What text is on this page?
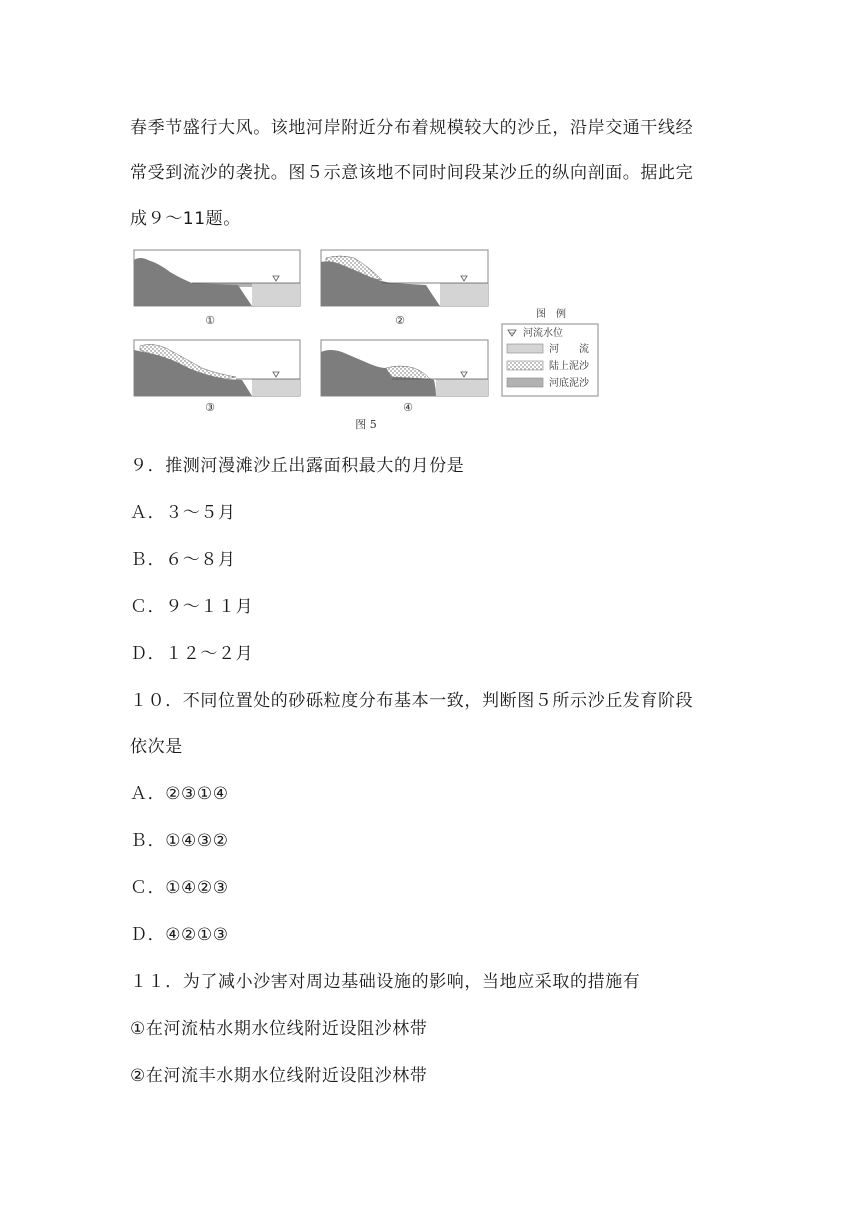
春季节盛行大风。该地河岸附近分布着规模较大的沙丘，沿岸交通干线经
常受到流沙的袭扰。图５示意该地不同时间段某沙丘的纵向剖面。据此完
成９～11题。
①	②
③	④
图 5
图　例
河流水位
河　　流
陆上泥沙
河底泥沙
９．推测河漫滩沙丘出露面积最大的月份是
Ａ．３～５月
Ｂ．６～８月
Ｃ．９～１１月
Ｄ．１２～２月
１０．不同位置处的砂砾粒度分布基本一致，判断图５所示沙丘发育阶段
依次是
Ａ．②③①④
Ｂ．①④③②
Ｃ．①④②③
Ｄ．④②①③
１１．为了减小沙害对周边基础设施的影响，当地应采取的措施有
①在河流枯水期水位线附近设阻沙林带
②在河流丰水期水位线附近设阻沙林带
